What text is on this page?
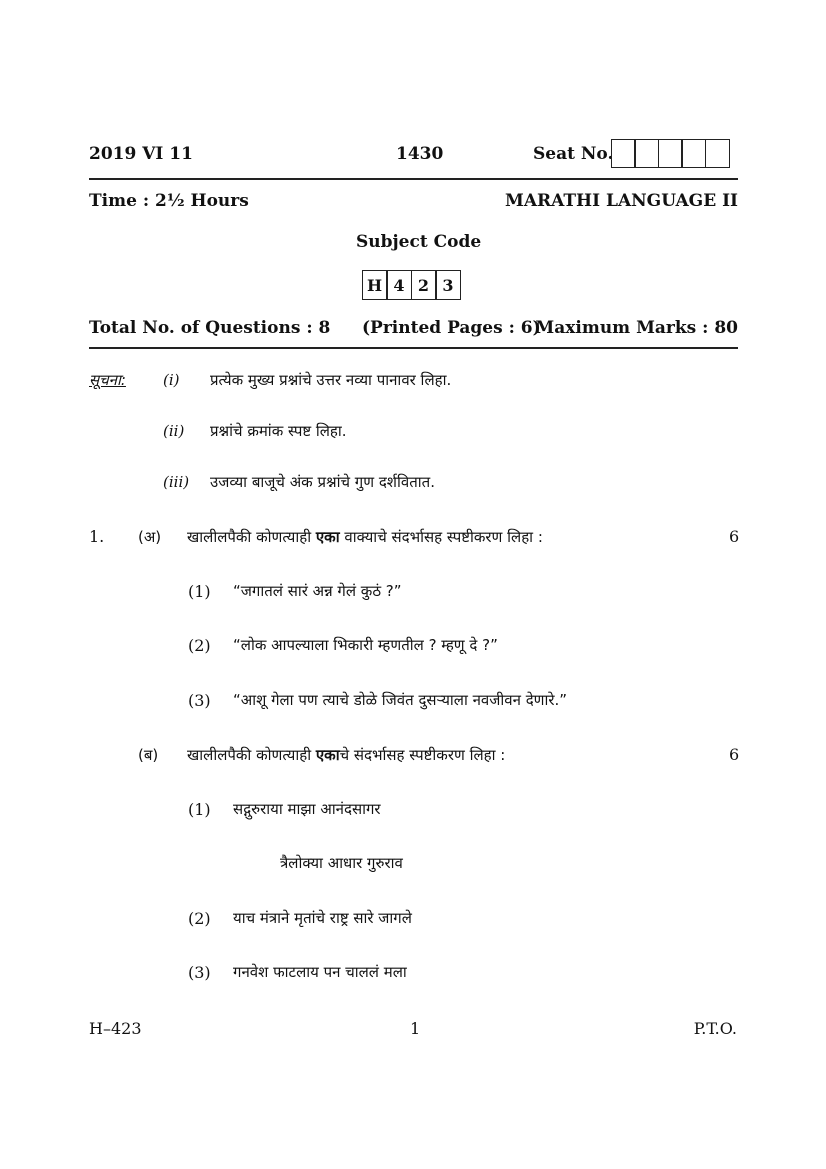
2019 VI 11	1430	Seat No.
Time : 2½ Hours	MARATHI LANGUAGE II
Subject Code
H 4 2 3
Total No. of Questions : 8 (Printed Pages : 6)
Maximum Marks : 80
सूचना: (i) प्रत्येक मुख्य प्रश्नांचे उत्तर नव्या पानावर लिहा.
(ii) प्रश्नांचे क्रमांक स्पष्ट लिहा.
(iii) उजव्या बाजूचे अंक प्रश्नांचे गुण दर्शवितात.
1. (अ) खालीलपैकी कोणत्याही एका वाक्याचे संदर्भासह स्पष्टीकरण लिहा :	6
(1) “जगातलं सारं अन्न गेलं कुठं ?”
(2) “लोक आपल्याला भिकारी म्हणतील ? म्हणू दे ?”
(3) “आशू गेला पण त्याचे डोळे जिवंत दुसऱ्याला नवजीवन देणारे.”
(ब) खालीलपैकी कोणत्याही एकाचे संदर्भासह स्पष्टीकरण लिहा :	6
(1) सद्गुरुराया माझा आनंदसागर
त्रैलोक्या आधार गुरुराव
(2) याच मंत्राने मृतांचे राष्ट्र सारे जागले
(3) गनवेश फाटलाय पन चाललं मला
H–423	1	P.T.O.
